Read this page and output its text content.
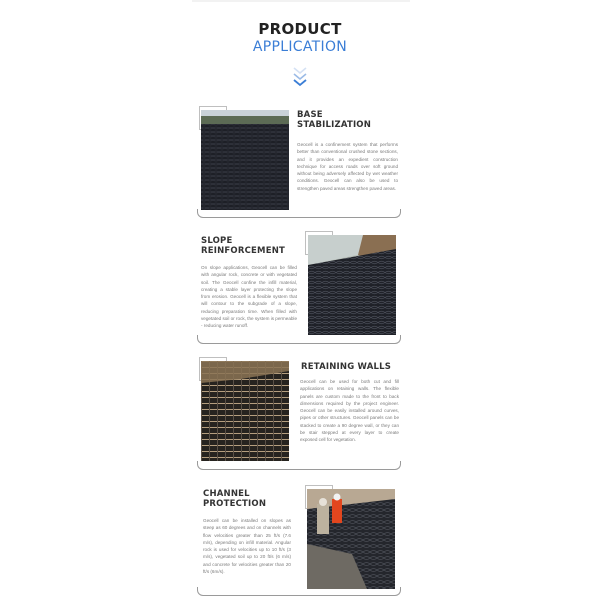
PRODUCT
APPLICATION
BASE
STABILIZATION
Geocell is a confinement system that performs better than conventional crushed stone sections, and it provides an expedient construction technique for access roads over soft ground without being adversely affected by wet weather conditions. Geocell can also be used to strengthen paved areas strengthen paved areas.
SLOPE
REINFORCEMENT
On slope applications, Geocell can be filled with angular rock, concrete or with vegetated soil. The Geocell confine the infill material, creating a stable layer protecting the slope from erosion. Geocell is a flexible system that will contour to the subgrade of a slope, reducing preparation time. When filled with vegetated soil or rock, the system is permeable - reducing water runoff.
RETAINING WALLS
Geocell can be used for both cut and fill applications on retaining walls. The flexible panels are custom made to the front to back dimensions required by the project engineer. Geocell can be easily installed around curves, pipes or other structures. Geocell panels can be stacked to create a 90 degree wall, or they can be stair stepped at every layer to create exposed cell for vegetation.
CHANNEL
PROTECTION
Geocell can be installed on slopes as steep as 60 degrees and on channels with flow velocities greater than 25 ft/s (7.6 m/s), depending on infill material. Angular rock is used for velocities up to 10 ft/s (3 m/s), vegetated soil up to 20 ft/s (6 m/s) and concrete for velocities greater than 20 ft/s (6m/s).
